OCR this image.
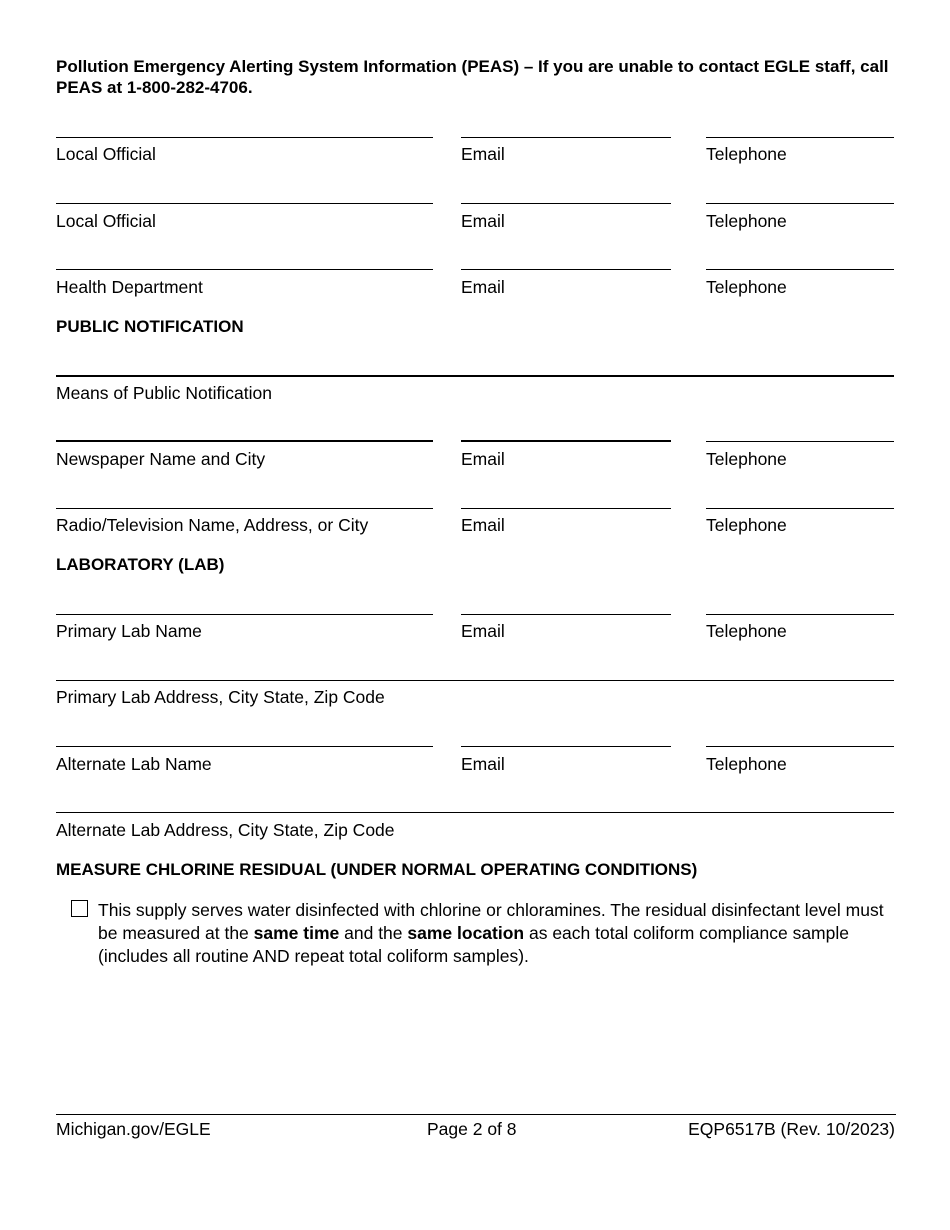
Pollution Emergency Alerting System Information (PEAS) – If you are unable to contact EGLE staff, call PEAS at 1-800-282-4706.
Local Official	Email	Telephone
Local Official	Email	Telephone
Health Department	Email	Telephone
PUBLIC NOTIFICATION
Means of Public Notification
Newspaper Name and City	Email	Telephone
Radio/Television Name, Address, or City	Email	Telephone
LABORATORY (LAB)
Primary Lab Name	Email	Telephone
Primary Lab Address, City State, Zip Code
Alternate Lab Name	Email	Telephone
Alternate Lab Address, City State, Zip Code
MEASURE CHLORINE RESIDUAL (UNDER NORMAL OPERATING CONDITIONS)
This supply serves water disinfected with chlorine or chloramines. The residual disinfectant level must be measured at the same time and the same location as each total coliform compliance sample (includes all routine AND repeat total coliform samples).
Michigan.gov/EGLE	Page 2 of 8	EQP6517B (Rev. 10/2023)
